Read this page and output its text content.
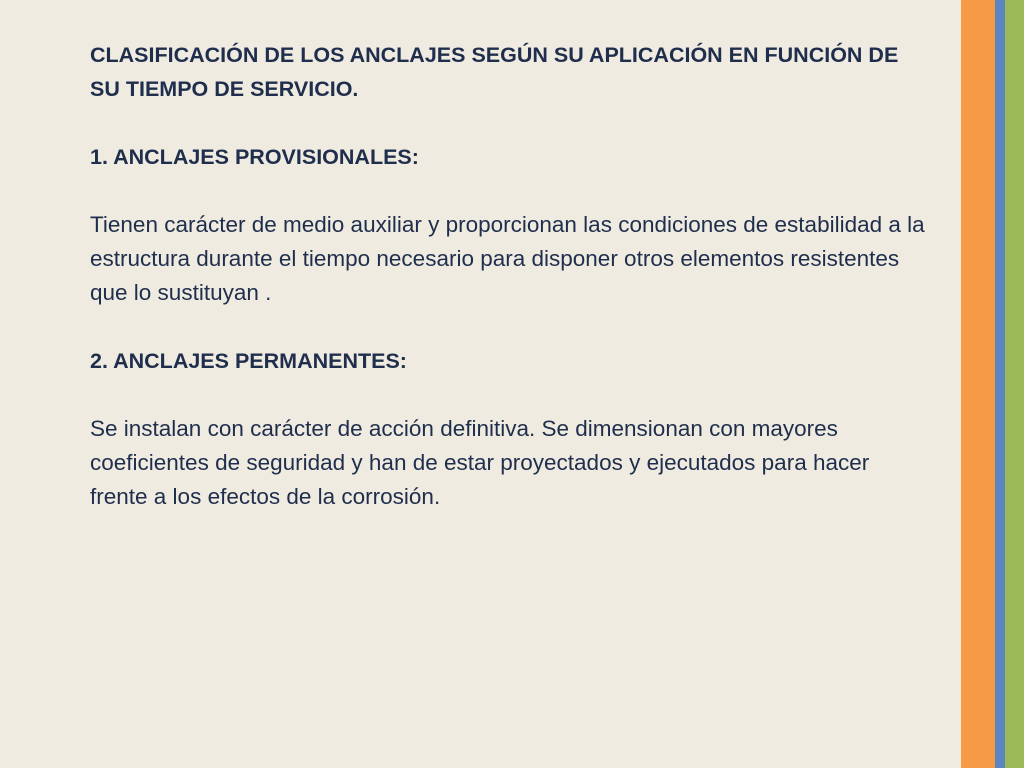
CLASIFICACIÓN DE LOS ANCLAJES SEGÚN SU APLICACIÓN EN FUNCIÓN DE SU TIEMPO DE SERVICIO.

1. ANCLAJES PROVISIONALES:

Tienen carácter de medio auxiliar y proporcionan las condiciones de estabilidad a la estructura durante el tiempo necesario para disponer otros elementos resistentes que lo sustituyan .

2. ANCLAJES PERMANENTES:

Se instalan con carácter de acción definitiva. Se dimensionan con mayores coeficientes de seguridad y han de estar proyectados y ejecutados para hacer frente a los efectos de la corrosión.
